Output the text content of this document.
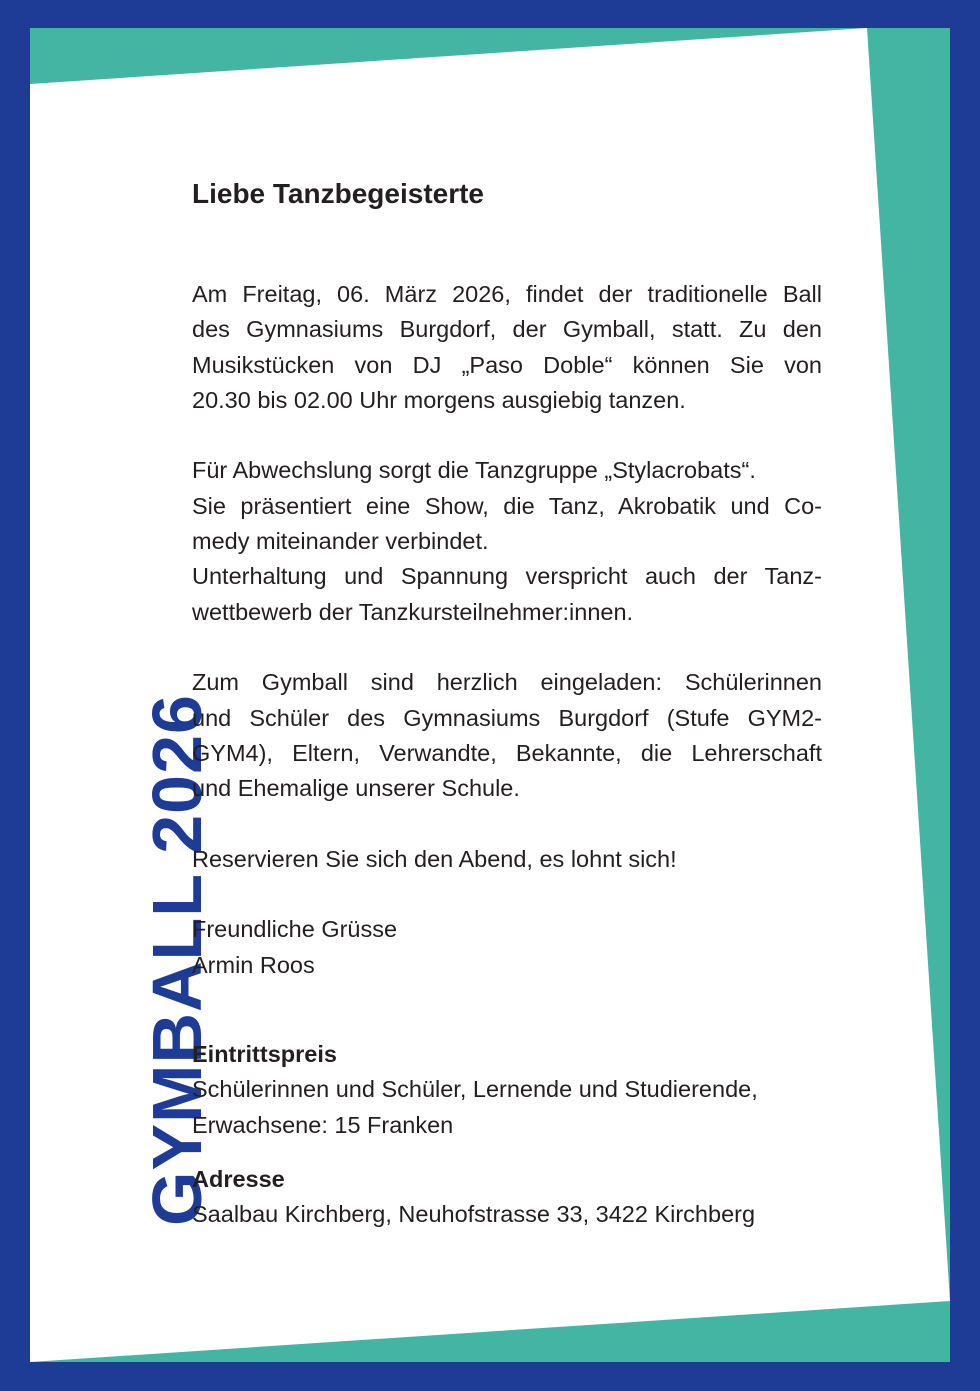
GYMBALL 2026
Liebe Tanzbegeisterte
Am Freitag, 06. März 2026, findet der traditionelle Ball
des Gymnasiums Burgdorf, der Gymball, statt. Zu den
Musikstücken von DJ „Paso Doble“ können Sie von
20.30 bis 02.00 Uhr morgens ausgiebig tanzen.
Für Abwechslung sorgt die Tanzgruppe „Stylacrobats“.
Sie präsentiert eine Show, die Tanz, Akrobatik und Co-
medy miteinander verbindet.
Unterhaltung und Spannung verspricht auch der Tanz-
wettbewerb der Tanzkursteilnehmer:innen.
Zum Gymball sind herzlich eingeladen: Schülerinnen
und Schüler des Gymnasiums Burgdorf (Stufe GYM2-
GYM4), Eltern, Verwandte, Bekannte, die Lehrerschaft
und Ehemalige unserer Schule.
Reservieren Sie sich den Abend, es lohnt sich!
Freundliche Grüsse
Armin Roos
Eintrittspreis
Schülerinnen und Schüler, Lernende und Studierende,
Erwachsene: 15 Franken
Adresse
Saalbau Kirchberg, Neuhofstrasse 33, 3422 Kirchberg
